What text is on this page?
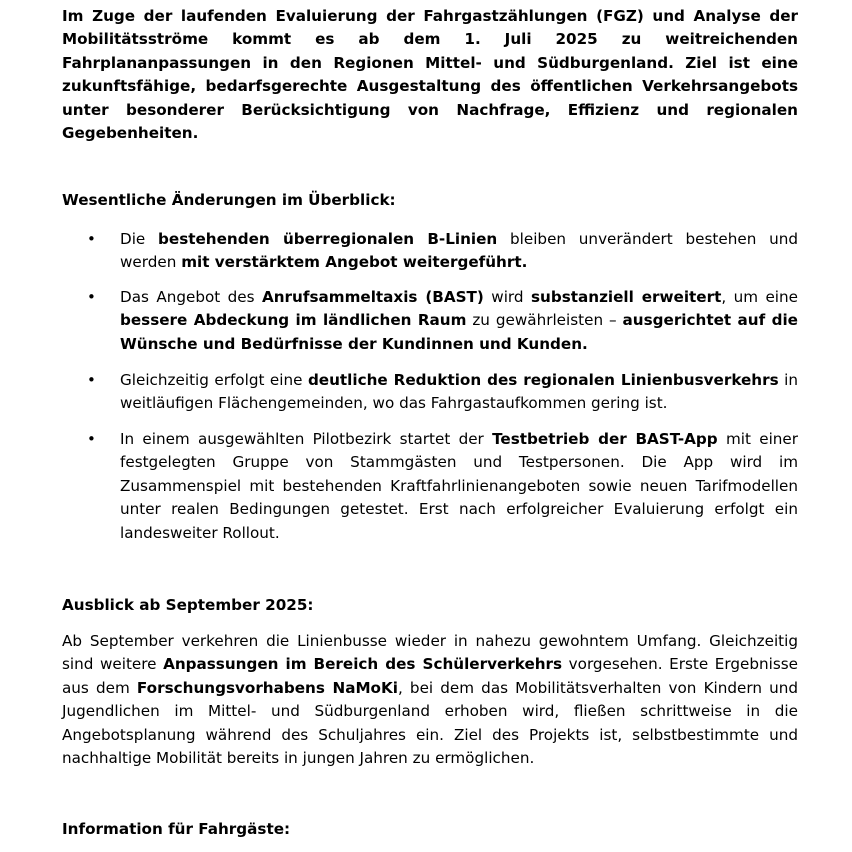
Im Zuge der laufenden Evaluierung der Fahrgastzählungen (FGZ) und Analyse der Mobilitätsströme kommt es ab dem 1. Juli 2025 zu weitreichenden Fahrplananpassungen in den Regionen Mittel- und Südburgenland. Ziel ist eine zukunftsfähige, bedarfsgerechte Ausgestaltung des öffentlichen Verkehrsangebots unter besonderer Berücksichtigung von Nachfrage, Effizienz und regionalen Gegebenheiten.

Wesentliche Änderungen im Überblick:
• Die bestehenden überregionalen B-Linien bleiben unverändert bestehen und werden mit verstärktem Angebot weitergeführt.
• Das Angebot des Anrufsammeltaxis (BAST) wird substanziell erweitert, um eine bessere Abdeckung im ländlichen Raum zu gewährleisten – ausgerichtet auf die Wünsche und Bedürfnisse der Kundinnen und Kunden.
• Gleichzeitig erfolgt eine deutliche Reduktion des regionalen Linienbusverkehrs in weitläufigen Flächengemeinden, wo das Fahrgastaufkommen gering ist.
• In einem ausgewählten Pilotbezirk startet der Testbetrieb der BAST-App mit einer festgelegten Gruppe von Stammgästen und Testpersonen. Die App wird im Zusammenspiel mit bestehenden Kraftfahrlinienangeboten sowie neuen Tarifmodellen unter realen Bedingungen getestet. Erst nach erfolgreicher Evaluierung erfolgt ein landesweiter Rollout.
Ausblick ab September 2025:

Ab September verkehren die Linienbusse wieder in nahezu gewohntem Umfang. Gleichzeitig sind weitere Anpassungen im Bereich des Schülerverkehrs vorgesehen. Erste Ergebnisse aus dem Forschungsvorhabens NaMoKi, bei dem das Mobilitätsverhalten von Kindern und Jugendlichen im Mittel- und Südburgenland erhoben wird, fließen schrittweise in die Angebotsplanung während des Schuljahres ein. Ziel des Projekts ist, selbstbestimmte und nachhaltige Mobilität bereits in jungen Jahren zu ermöglichen.

Information für Fahrgäste:
